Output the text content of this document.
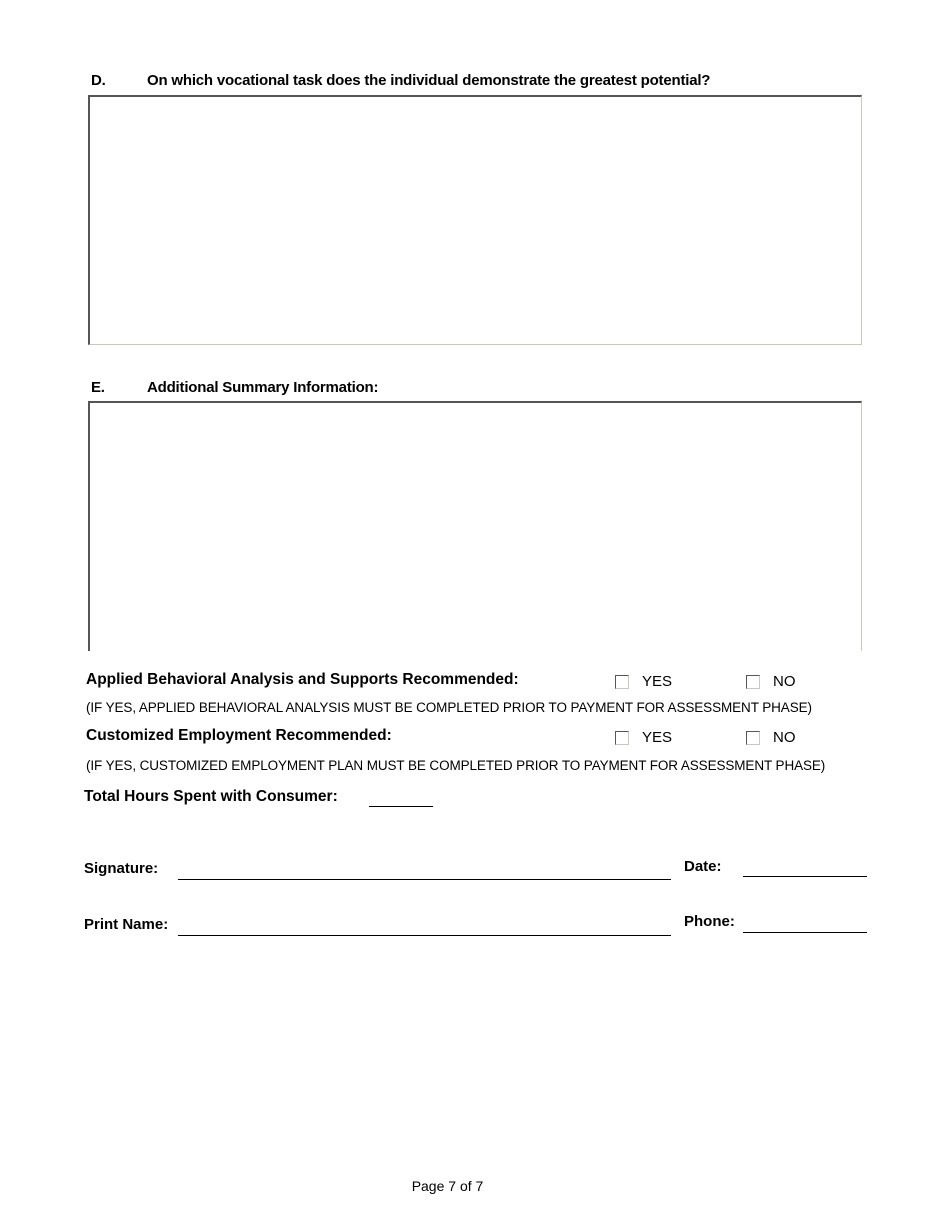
D.	On which vocational task does the individual demonstrate the greatest potential?
E.	Additional Summary Information:
Applied Behavioral Analysis and Supports Recommended:	YES	NO
(IF YES, APPLIED BEHAVIORAL ANALYSIS MUST BE COMPLETED PRIOR TO PAYMENT FOR ASSESSMENT PHASE)
Customized Employment Recommended:	YES	NO
(IF YES, CUSTOMIZED EMPLOYMENT PLAN MUST BE COMPLETED PRIOR TO PAYMENT FOR ASSESSMENT PHASE)
Total Hours Spent with Consumer:
Signature:	Date:
Print Name:	Phone:
Page 7 of 7
